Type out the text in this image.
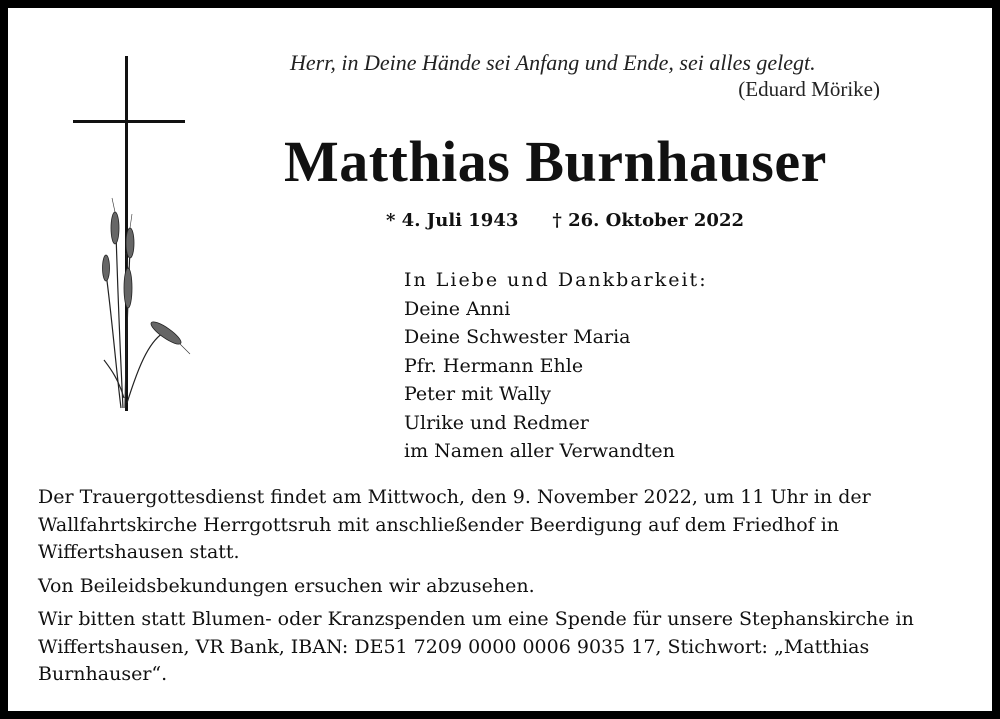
Herr, in Deine Hände sei Anfang und Ende, sei alles gelegt.
(Eduard Mörike)
Matthias Burnhauser
* 4. Juli 1943 † 26. Oktober 2022
In Liebe und Dankbarkeit:
Deine Anni
Deine Schwester Maria
Pfr. Hermann Ehle
Peter mit Wally
Ulrike und Redmer
im Namen aller Verwandten

Der Trauergottesdienst findet am Mittwoch, den 9. November 2022, um 11 Uhr in der Wallfahrtskirche Herrgottsruh mit anschließender Beerdigung auf dem Friedhof in Wiffertshausen statt.

Von Beileidsbekundungen ersuchen wir abzusehen.

Wir bitten statt Blumen- oder Kranzspenden um eine Spende für unsere Stephanskirche in Wiffertshausen, VR Bank, IBAN: DE51 7209 0000 0006 9035 17, Stichwort: „Matthias Burnhauser“.
